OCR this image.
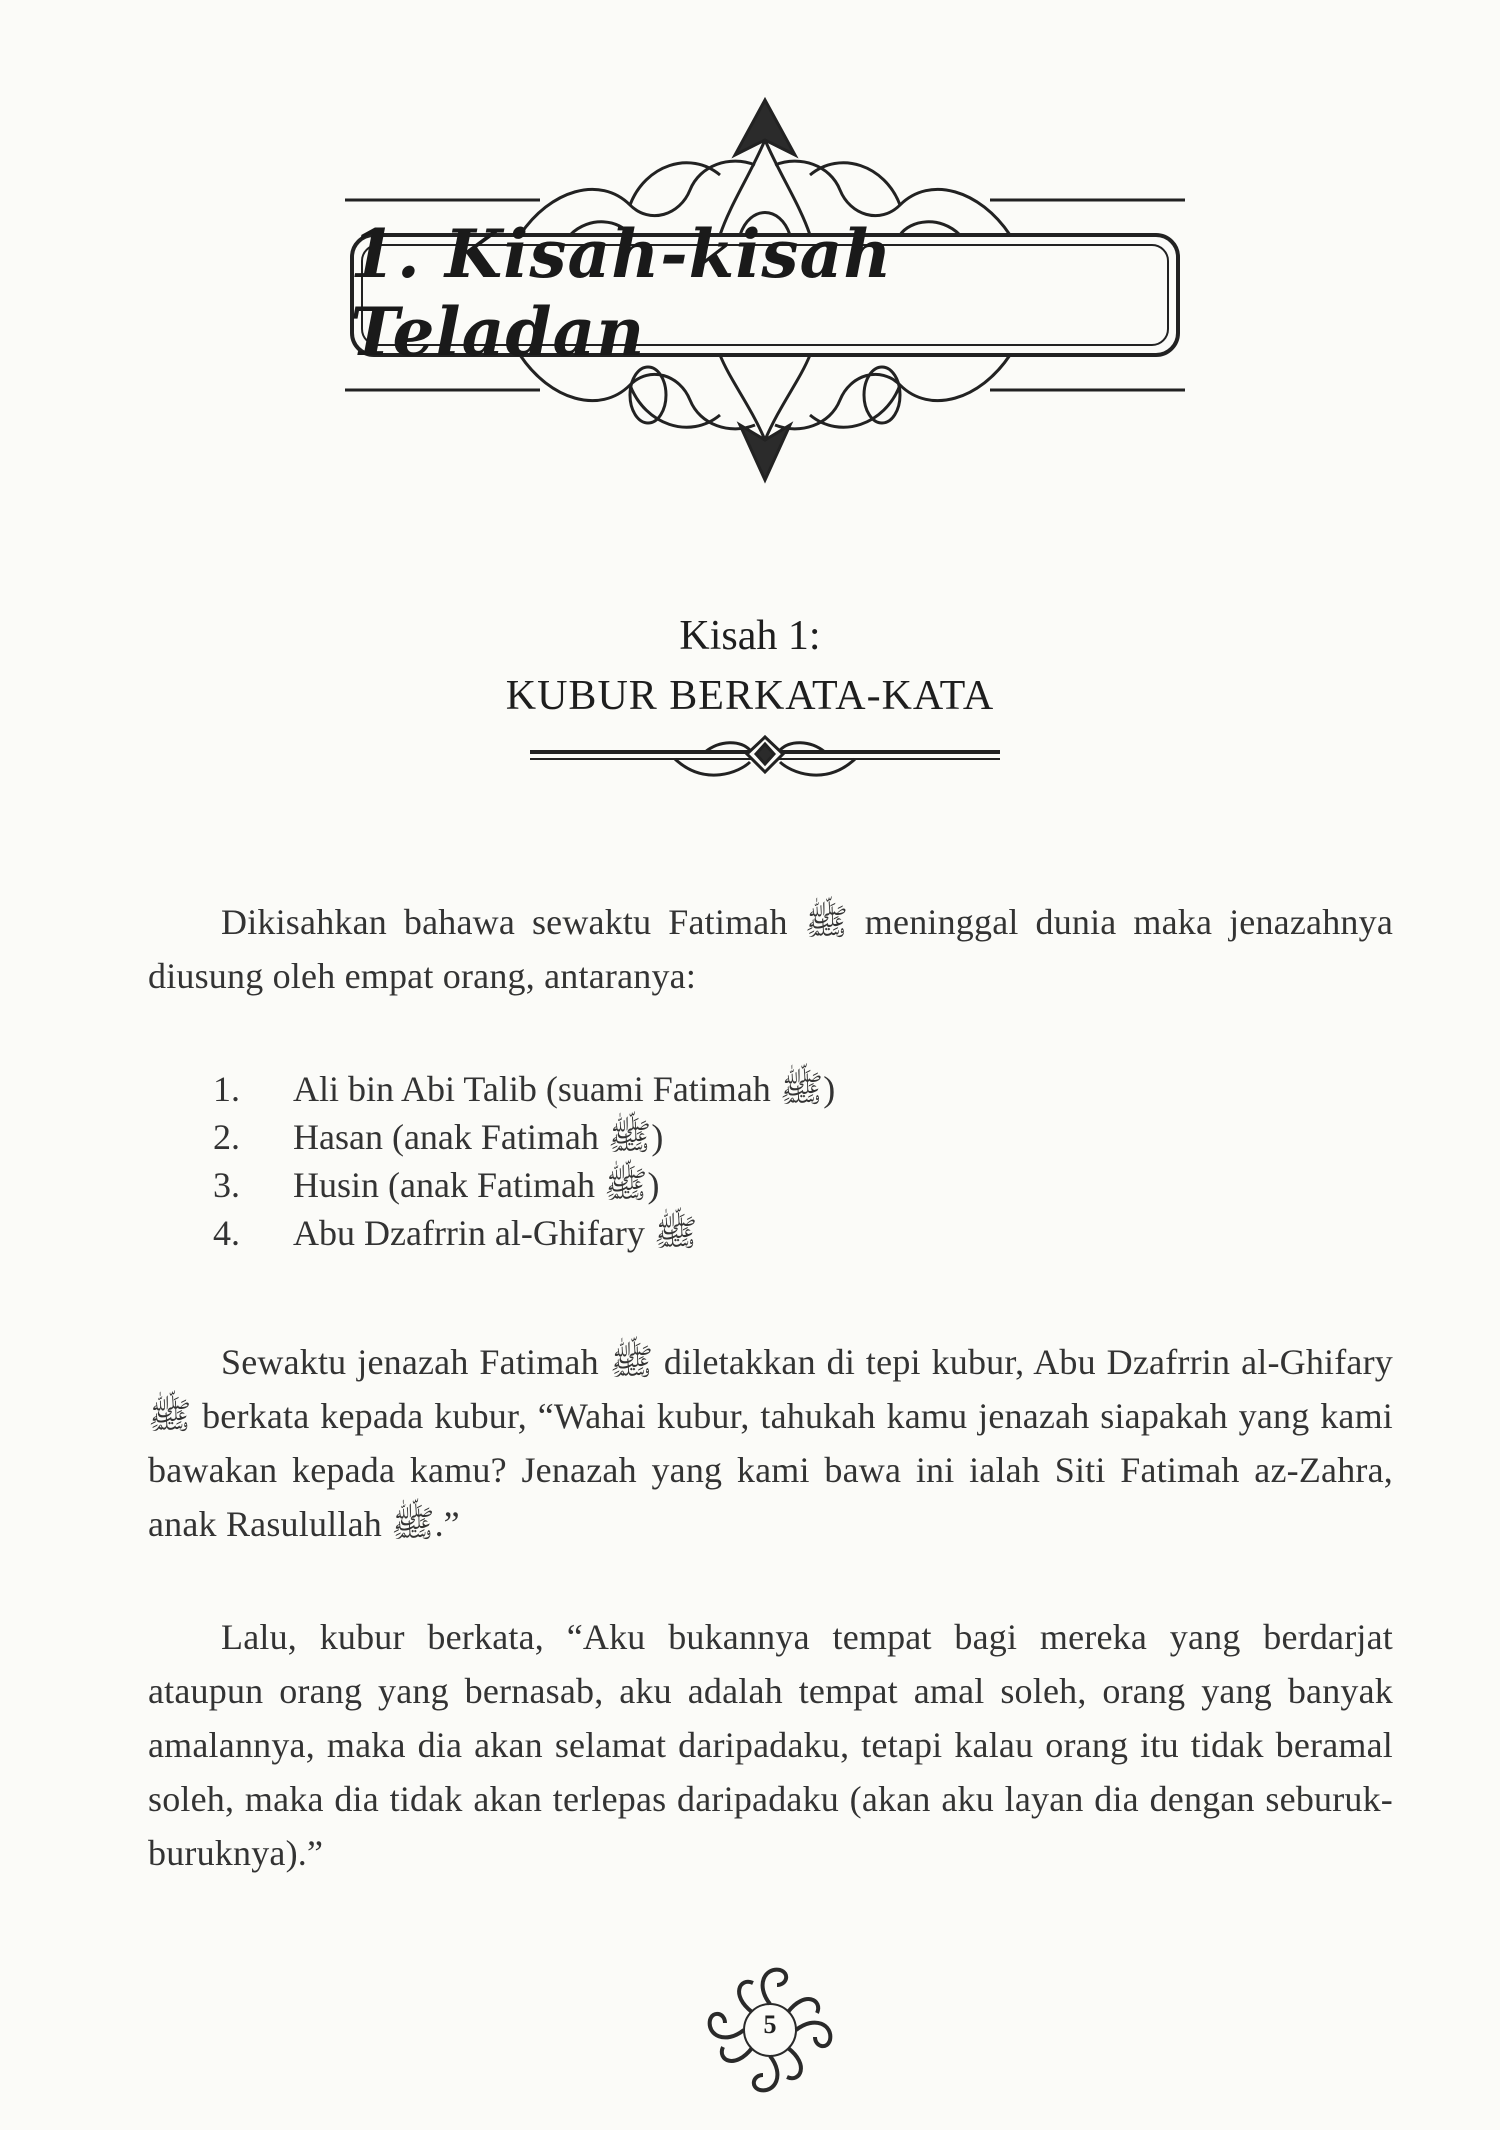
1. Kisah-kisah Teladan
Kisah 1:
KUBUR BERKATA-KATA

Dikisahkan bahawa sewaktu Fatimah ﷺ meninggal dunia maka jenazahnya diusung oleh empat orang, antaranya:

1.	Ali bin Abi Talib (suami Fatimah ﷺ)
2.	Hasan (anak Fatimah ﷺ)
3.	Husin (anak Fatimah ﷺ)
4.	Abu Dzafrrin al-Ghifary ﷺ

Sewaktu jenazah Fatimah ﷺ diletakkan di tepi kubur, Abu Dzafrrin al-Ghifary ﷺ berkata kepada kubur, “Wahai kubur, tahukah kamu jenazah siapakah yang kami bawakan kepada kamu? Jenazah yang kami bawa ini ialah Siti Fatimah az-Zahra, anak Rasulullah ﷺ.”

Lalu, kubur berkata, “Aku bukannya tempat bagi mereka yang berdarjat ataupun orang yang bernasab, aku adalah tempat amal soleh, orang yang banyak amalannya, maka dia akan selamat daripadaku, tetapi kalau orang itu tidak beramal soleh, maka dia tidak akan terlepas daripadaku (akan aku layan dia dengan seburuk-buruknya).”

5
